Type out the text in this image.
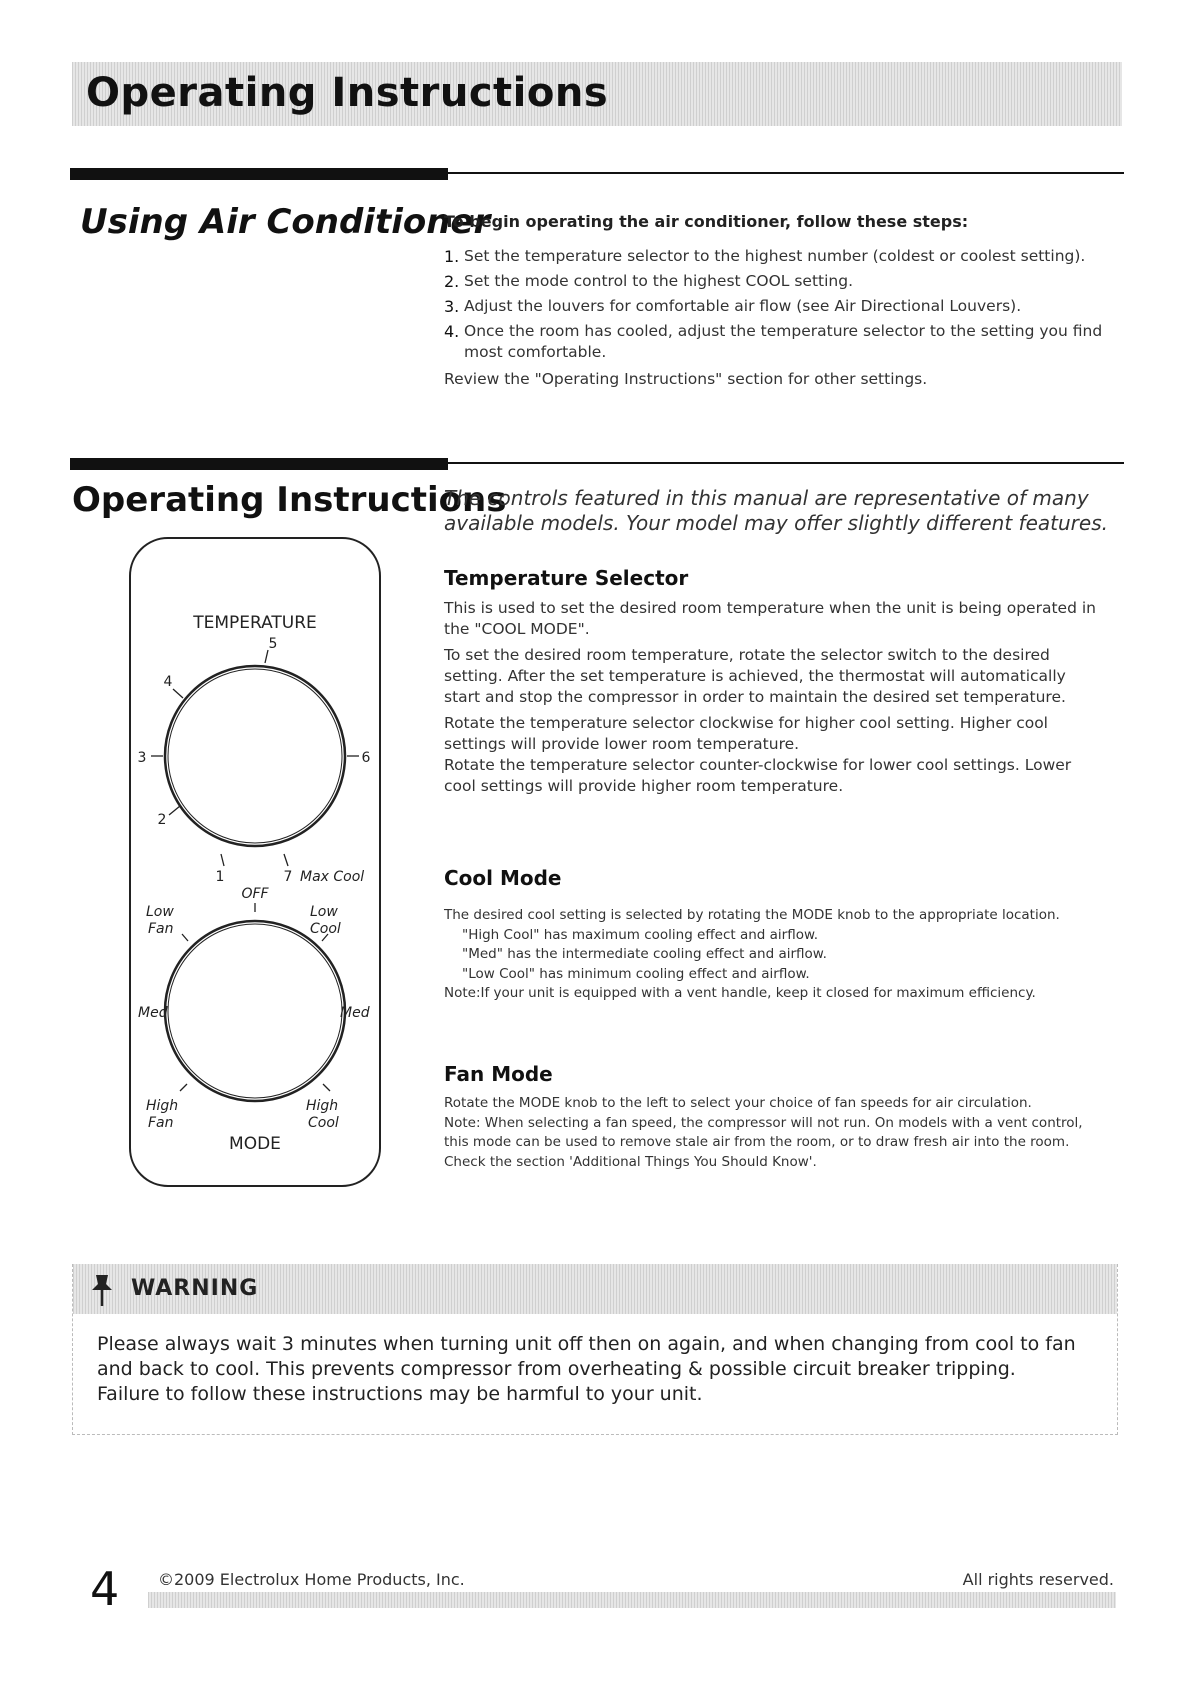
Operating Instructions
Using Air Conditioner
To begin operating the air conditioner, follow these steps:
1. Set the temperature selector to the highest number (coldest or coolest setting).
2. Set the mode control to the highest COOL setting.
3. Adjust the louvers for comfortable air flow (see Air Directional Louvers).
4. Once the room has cooled, adjust the temperature selector to the setting you find most comfortable.
Review the "Operating Instructions" section for other settings.
Operating Instructions
The controls featured in this manual are representative of many available models. Your model may offer slightly different features.
TEMPERATURE
1
2
3
4
5
6
7 Max Cool
OFF
Low
Fan
Low
Cool
Med	Med
High
Fan
High
Cool
MODE
Temperature Selector

This is used to set the desired room temperature when the unit is being operated in the "COOL MODE".

To set the desired room temperature, rotate the selector switch to the desired setting. After the set temperature is achieved, the thermostat will automatically start and stop the compressor in order to maintain the desired set temperature.

Rotate the temperature selector clockwise for higher cool setting. Higher cool settings will provide lower room temperature.

Rotate the temperature selector counter-clockwise for lower cool settings. Lower cool settings will provide higher room temperature.

Cool Mode

The desired cool setting is selected by rotating the MODE knob to the appropriate location.

"High Cool" has maximum cooling effect and airflow.

"Med" has the intermediate cooling effect and airflow.

"Low Cool" has minimum cooling effect and airflow.

Note:If your unit is equipped with a vent handle, keep it closed for maximum efficiency.

Fan Mode

Rotate the MODE knob to the left to select your choice of fan speeds for air circulation.

Note: When selecting a fan speed, the compressor will not run. On models with a vent control, this mode can be used to remove stale air from the room, or to draw fresh air into the room. Check the section 'Additional Things You Should Know'.

WARNING

Please always wait 3 minutes when turning unit off then on again, and when changing from cool to fan and back to cool. This prevents compressor from overheating & possible circuit breaker tripping.

Failure to follow these instructions may be harmful to your unit.

4 ©2009 Electrolux Home Products, Inc.	All rights reserved.
